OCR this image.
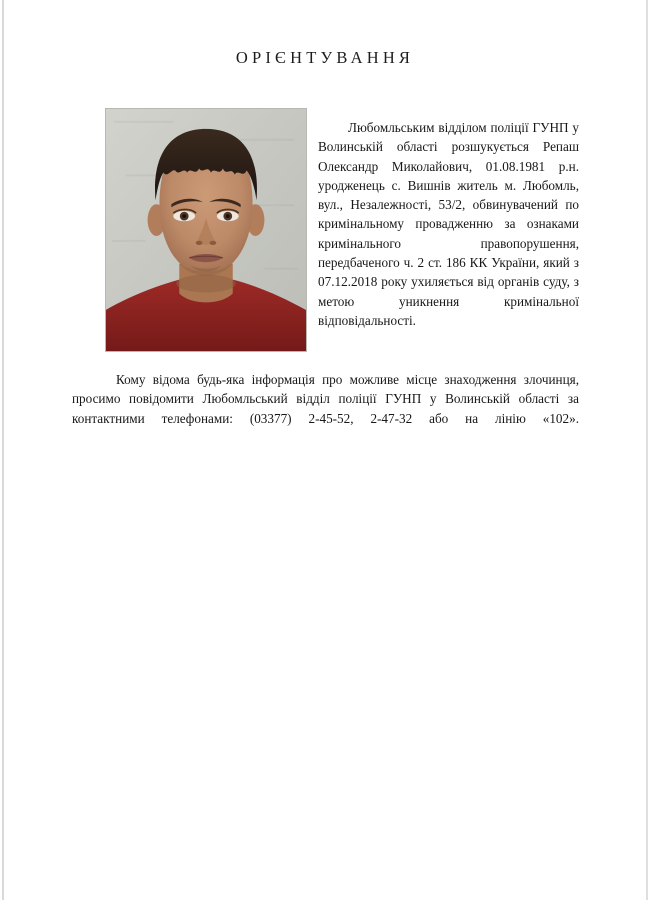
ОРІЄНТУВАННЯ
Любомльським відділом поліції ГУНП у Волинській області розшукується Репаш Олександр Миколайович, 01.08.1981 р.н. уродженець с. Вишнів житель м. Любомль, вул., Незалежності, 53/2, обвинувачений по кримінальному провадженню за ознаками кримінального правопорушення, передбаченого ч. 2 ст. 186 КК України, який з 07.12.2018 року ухиляється від органів суду, з метою уникнення кримінальної відповідальності.
Кому відома будь-яка інформація про можливе місце знаходження злочинця, просимо повідомити Любомльський відділ поліції ГУНП у Волинській області за контактними телефонами: (03377) 2-45-52, 2-47-32 або на лінію «102».
